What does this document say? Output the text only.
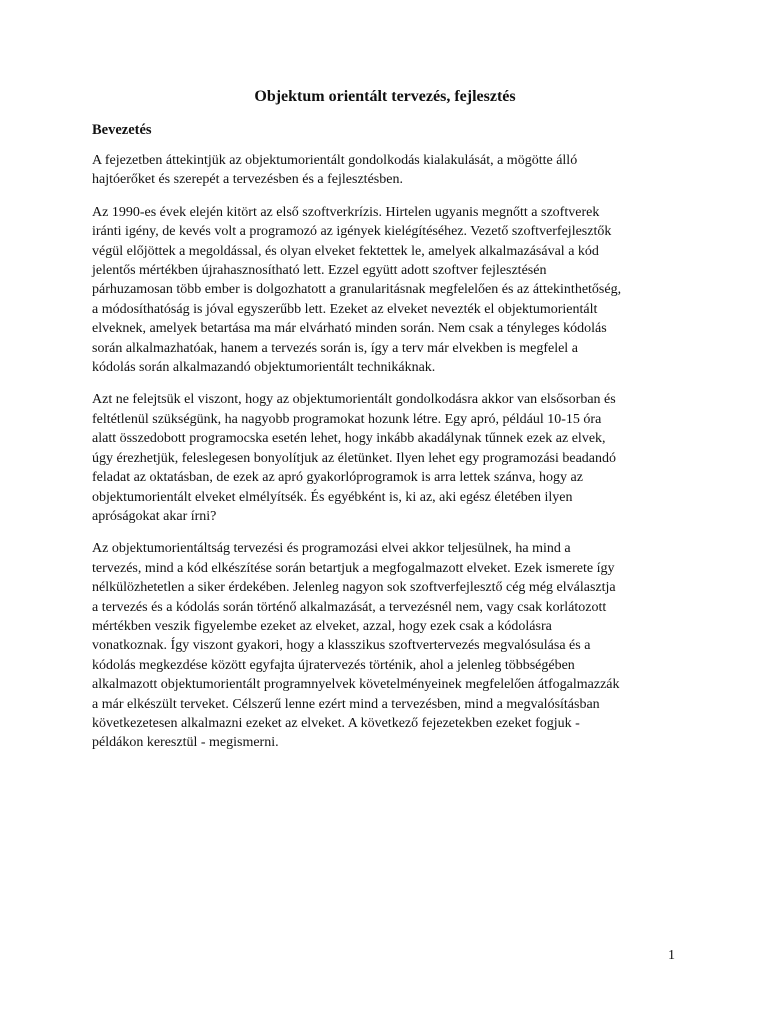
Objektum orientált tervezés, fejlesztés
Bevezetés

A fejezetben áttekintjük az objektumorientált gondolkodás kialakulását, a mögötte álló
hajtóerőket és szerepét a tervezésben és a fejlesztésben.

Az 1990-es évek elején kitört az első szoftverkrízis. Hirtelen ugyanis megnőtt a szoftverek
iránti igény, de kevés volt a programozó az igények kielégítéséhez. Vezető szoftverfejlesztők
végül előjöttek a megoldással, és olyan elveket fektettek le, amelyek alkalmazásával a kód
jelentős mértékben újrahasznosítható lett. Ezzel együtt adott szoftver fejlesztésén
párhuzamosan több ember is dolgozhatott a granularitásnak megfelelően és az áttekinthetőség,
a módosíthatóság is jóval egyszerűbb lett. Ezeket az elveket nevezték el objektumorientált
elveknek, amelyek betartása ma már elvárható minden során. Nem csak a tényleges kódolás
során alkalmazhatóak, hanem a tervezés során is, így a terv már elvekben is megfelel a
kódolás során alkalmazandó objektumorientált technikáknak.

Azt ne felejtsük el viszont, hogy az objektumorientált gondolkodásra akkor van elsősorban és
feltétlenül szükségünk, ha nagyobb programokat hozunk létre. Egy apró, például 10-15 óra
alatt összedobott programocska esetén lehet, hogy inkább akadálynak tűnnek ezek az elvek,
úgy érezhetjük, feleslegesen bonyolítjuk az életünket. Ilyen lehet egy programozási beadandó
feladat az oktatásban, de ezek az apró gyakorlóprogramok is arra lettek szánva, hogy az
objektumorientált elveket elmélyítsék. És egyébként is, ki az, aki egész életében ilyen
apróságokat akar írni?

Az objektumorientáltság tervezési és programozási elvei akkor teljesülnek, ha mind a
tervezés, mind a kód elkészítése során betartjuk a megfogalmazott elveket. Ezek ismerete így
nélkülözhetetlen a siker érdekében. Jelenleg nagyon sok szoftverfejlesztő cég még elválasztja
a tervezés és a kódolás során történő alkalmazását, a tervezésnél nem, vagy csak korlátozott
mértékben veszik figyelembe ezeket az elveket, azzal, hogy ezek csak a kódolásra
vonatkoznak. Így viszont gyakori, hogy a klasszikus szoftvertervezés megvalósulása és a
kódolás megkezdése között egyfajta újratervezés történik, ahol a jelenleg többségében
alkalmazott objektumorientált programnyelvek követelményeinek megfelelően átfogalmazzák
a már elkészült terveket. Célszerű lenne ezért mind a tervezésben, mind a megvalósításban
következetesen alkalmazni ezeket az elveket. A következő fejezetekben ezeket fogjuk -
példákon keresztül - megismerni.

1
